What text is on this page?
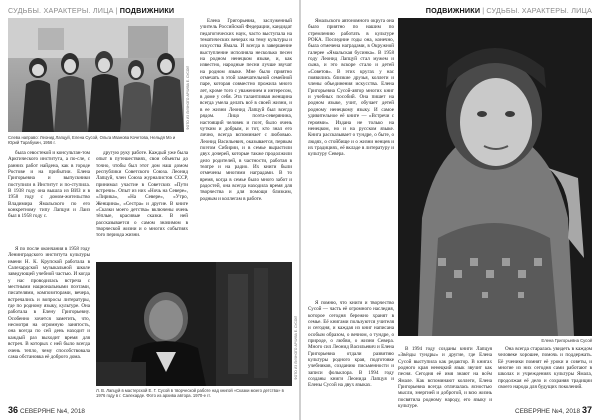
СУДЬБЫ. ХАРАКТЕРЫ. ЛИЦА | ПОДВИЖНИКИ
ФОТО ИЗ ЛИЧНОГО АРХИВА Е. СУСОЙ
Слева направо: Леонид Лапцуй, Елена Сусой, Ольга Иванова Кочетова, Нельдя Мэ и Юрий Тарабукин, 1956 г.

была севостекой и консультан-том Арктического института, а по-сле, с ранних работ найдена, как в городе Ростове и на прибытии. Елена Григорьевна и выпускники поступили в Институт и по-ступила. В 1938 году она вышла из ВИЗ и в 1958 году с домом-жительство Владимира Ямальского по его конкретному типу Лапцуя и Лаиз был в 1958 году с.

Я по после окончания в 1958 году Ленинградского института культуры имени Н. К. Крупской работала в Салехардской музыкальной школе заведующей учебной частью. И когда у нас проводилась встреча с местными национальными поэтами, писателями, композиторами, вечера, встречались и вопросы литературы, где по родному языку, культуре. Она работала в Елену Григорьевну. Особенно хочется заметить, что, несмотря на огромную занятость, она всегда по сей день находит и каждый раз выходит время для встреч. В которых с ней было всегда очень тепло, чему способствовала сама обстановка её доброго дома.

Елена Григорьевна, заслуженный учитель Российской Федерации, кандидат педагогических наук, часто выступала на тематических вечерах на тему культуры и искусства Ямала. И всегда в завершение выступление исполняла несколько песен на родном ненецком языке, и, как известно, народные песни лучше звучат на родном языке. Мне было приятно отмечать в этой замечательной семейной паре, которая совместно прожила много лет, кроме того с уважением и интересом, в доме у себя. Эта талантливая женщина всегда умела делать всё в своей жизни, и в ее жизни Леонид Лапцуй был всегда рядом. Лицо поэта-северянина, настоящий человек и поэт, было очень чутким и добрым, и тот, кто знал его лично, всегда вспоминает с любовью. Леонид Васильевич, оказывается, первым поэтом Сибирии, и в семье вырастили двух дочерей, которые также продолжили дело родителей, в частности, работая в театре и на радио. Их книги были отмечены многими наградами. В то время, когда в семье было много забот и радостей, она всегда находила время для творчества и для помощи близким, родным и коллегам в работе.

другую руку работе. Каждый уже была опыт в путешествиях, свои объекты до точно, чтобы был этот дом наш домом республики Советского Союза. Леонид Лапцуй, член Союза журналистов СССР, принимал участие в Советских «Пути встречи». Опыт из них «Ночь на Севере», «Лирика», «На Севере», «Утро, Женщина», «Сестра» и другие. В книге «Сказки моего детства» включены очень тёплые, красивые сказки. В ней рассказывается о самом значимом в творческой жизни и о многих событиях того периода жизни.

ФОТО ИЗ ЛИЧНОГО АРХИВА Е. СУСОЙ
Л. В. Лапцуй в мастерской Е. Г. Сусой в творческой работе над книгой «Сказки моего детства» в 1976 году в г. Салехарде. Фото из архива автора. 1970-е гг.
36 СЕВЕРЯНЕ №4, 2018
ПОДВИЖНИКИ | СУДЬБЫ. ХАРАКТЕРЫ. ЛИЦА

Ямальского автономного округа она было приятно по нашим по стремлению работать в культуре РОКА. Последние годы она, конечно, была отмечена наградами, в Окружной галерее «Ямальская бусинка». В 1958 году Леонид Лапцуй стал мужем и сына, и это вскоре стало и детей «Советов». В этих кругах у нас появились близкие друзья, коллеги и члены объединения искусства. Елена Григорьевна Сусой-автор многих книг и учебных пособий. Она пишет на родном языке, учит, обучает детей родному ненецкому языку. И самое удивительное её книге — «Встречи с героями». Издана не только на ненецком, но и на русском языке. Книга рассказывает о тундре, о быте, о людях, о стойбище и о жизни ненцев и их традициях, её вкладе в литературу и культуру Севера.

Елена Григорьевна Сусой

Я помню, что книги и творчество Сусой — часть её огромного наследия, которое сегодня бережно хранят в семье. Её книгами пользуются учителя и сегодня, и каждая из книг написана особым образом, о вечном, о тундре, о природе, о любви, о жизни Севера. Много сил Леонид Васильевич и Елена Григорьевна отдали развитию культуры родного края, подготовке учебников, созданию письменности и записи фольклора. В 1994 году созданы книги Леонида Лапцуя и Елены Сусой на двух языках.

В 1994 году созданы книги Лапцуя «Звёзды тундры» и другие, где Елена Сусой выступила как редактор. В книгах родного края ненецкий язык звучит как песня. Сегодня её имя знают на всём Ямале. Как вспоминают коллеги, Елена Григорьевна всегда отличалась ясностью мысли, энергией и добротой, и всю жизнь посвятила родному народу, его языку и культуре.

Она всегда старалась увидеть в каждом человеке хорошее, помочь и поддержать. Её ученики помнят её уроки и советы, и многие из них сегодня сами работают в школах и учреждениях культуры Ямала, продолжая её дело и сохраняя традиции своего народа для будущих поколений.

СЕВЕРЯНЕ №4, 2018 37
